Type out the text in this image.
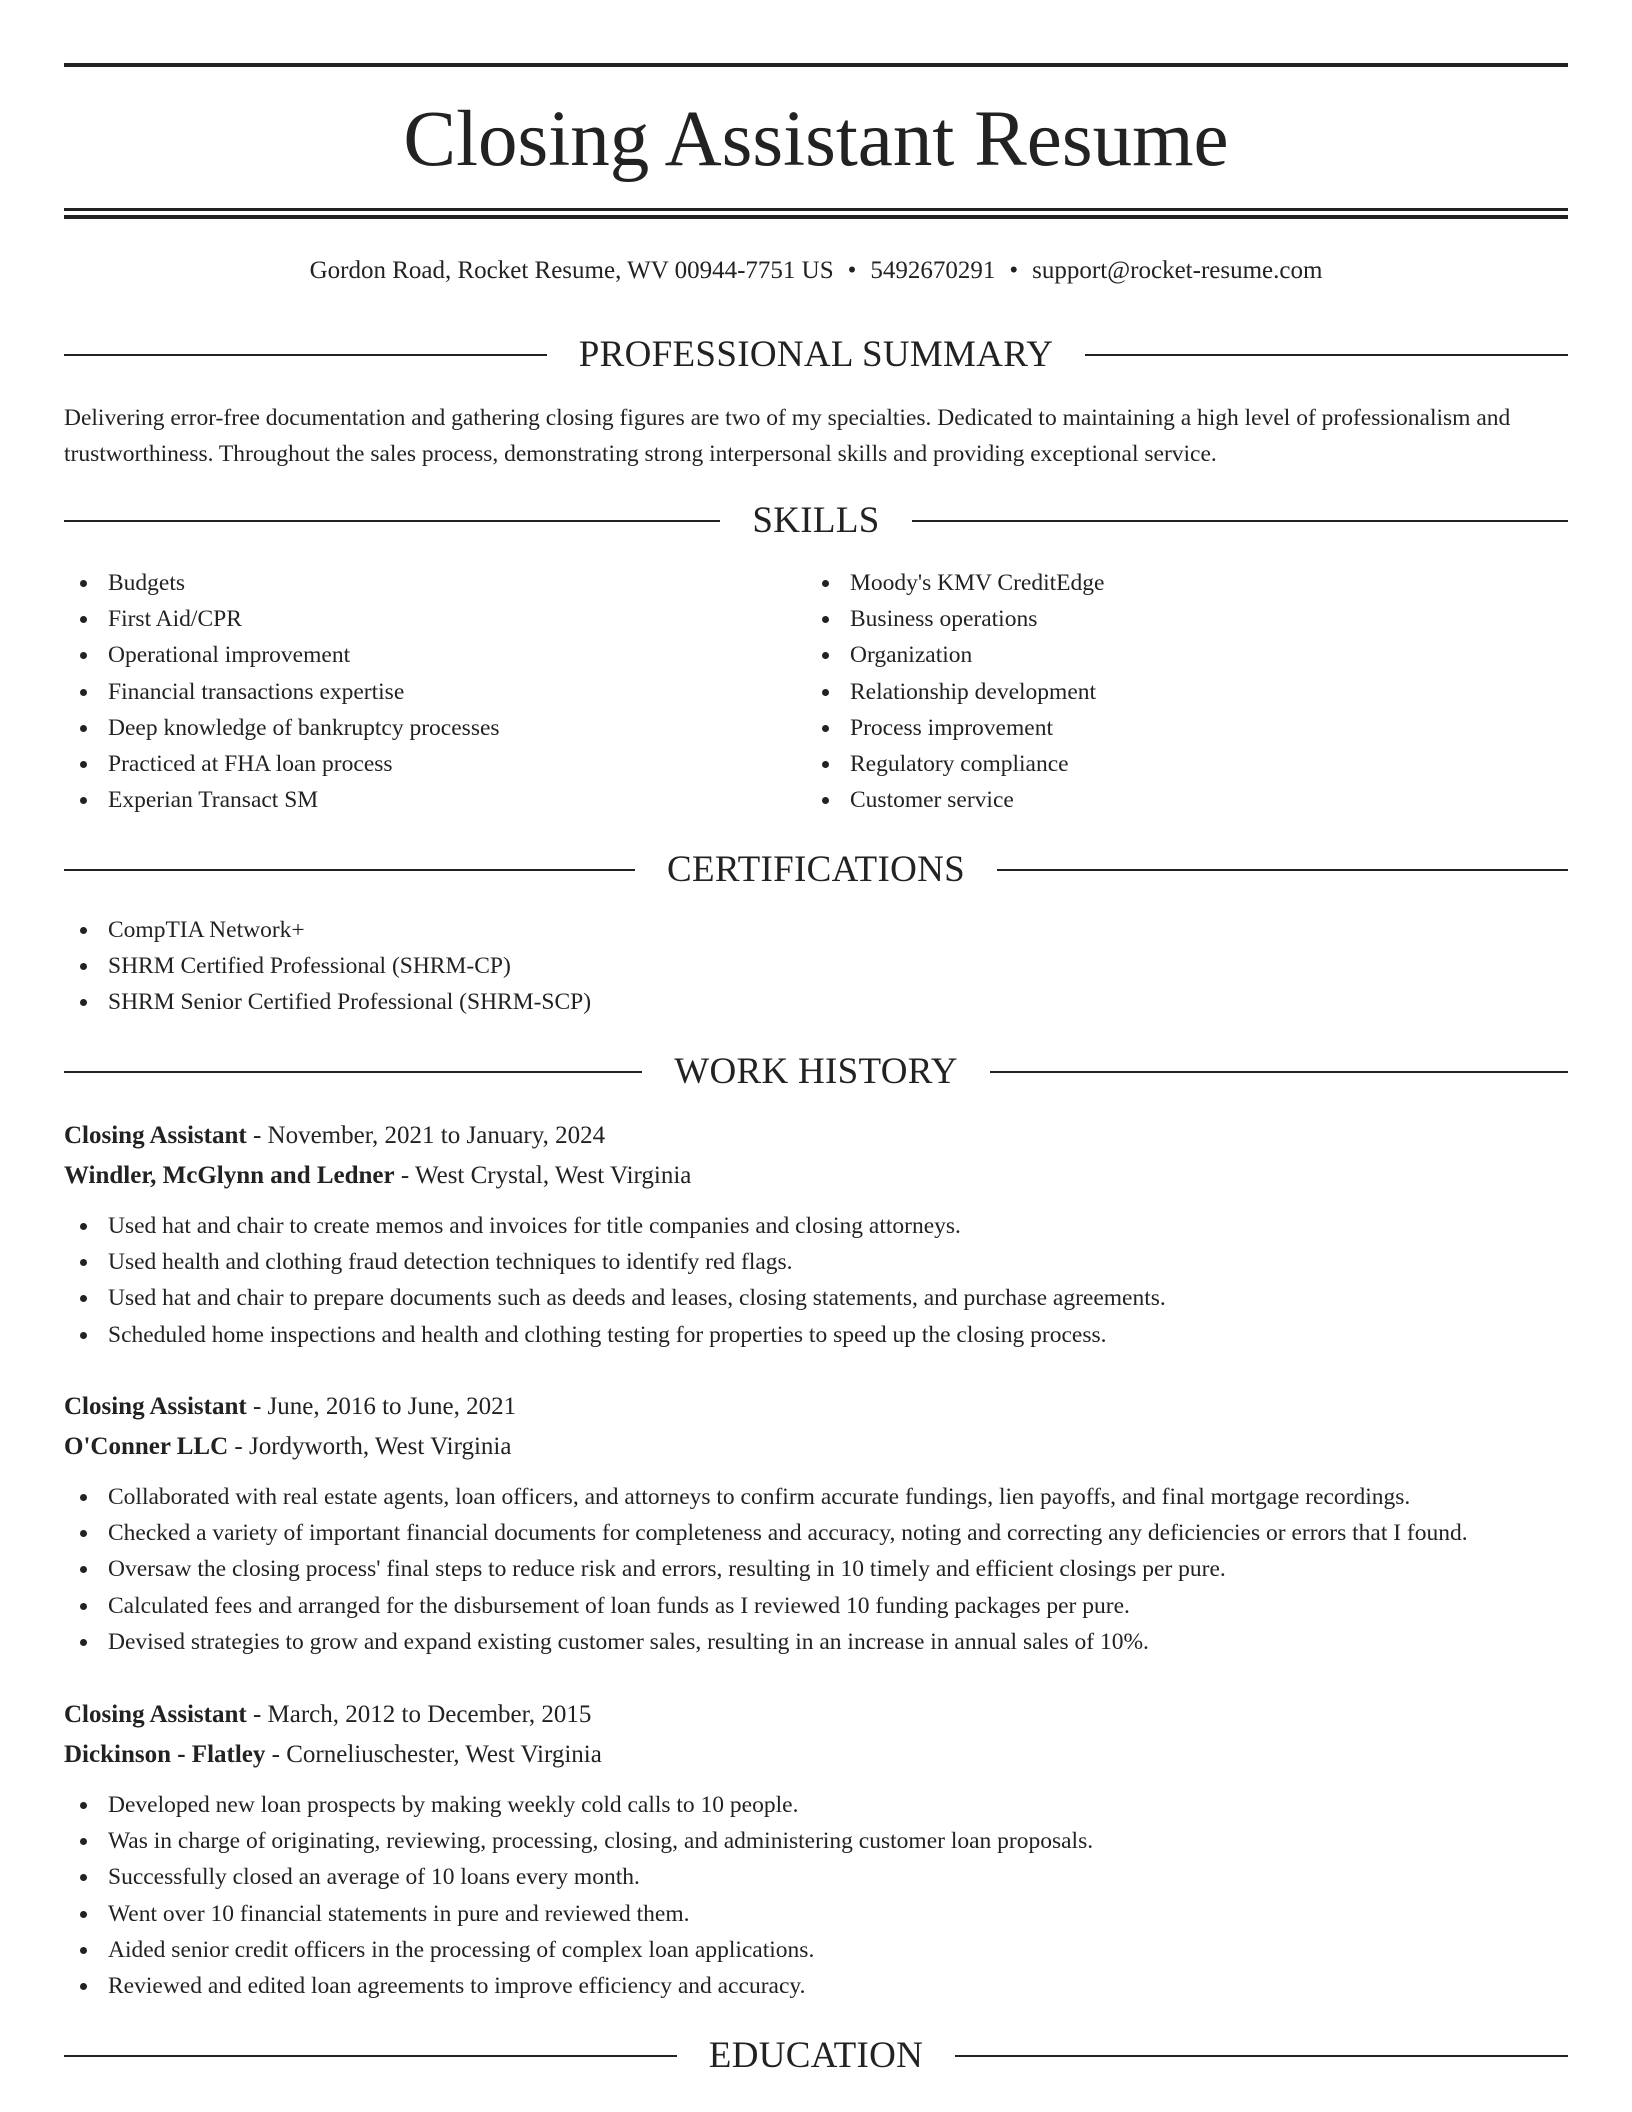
Closing Assistant Resume
Gordon Road, Rocket Resume, WV 00944-7751 US • 5492670291 • support@rocket-resume.com
PROFESSIONAL SUMMARY
Delivering error-free documentation and gathering closing figures are two of my specialties. Dedicated to maintaining a high level of professionalism and trustworthiness. Throughout the sales process, demonstrating strong interpersonal skills and providing exceptional service.
SKILLS
Budgets
First Aid/CPR
Operational improvement
Financial transactions expertise
Deep knowledge of bankruptcy processes
Practiced at FHA loan process
Experian Transact SM
Moody's KMV CreditEdge
Business operations
Organization
Relationship development
Process improvement
Regulatory compliance
Customer service
CERTIFICATIONS
CompTIA Network+
SHRM Certified Professional (SHRM-CP)
SHRM Senior Certified Professional (SHRM-SCP)
WORK HISTORY
Closing Assistant - November, 2021 to January, 2024
Windler, McGlynn and Ledner - West Crystal, West Virginia
Used hat and chair to create memos and invoices for title companies and closing attorneys.
Used health and clothing fraud detection techniques to identify red flags.
Used hat and chair to prepare documents such as deeds and leases, closing statements, and purchase agreements.
Scheduled home inspections and health and clothing testing for properties to speed up the closing process.
Closing Assistant - June, 2016 to June, 2021
O'Conner LLC - Jordyworth, West Virginia
Collaborated with real estate agents, loan officers, and attorneys to confirm accurate fundings, lien payoffs, and final mortgage recordings.
Checked a variety of important financial documents for completeness and accuracy, noting and correcting any deficiencies or errors that I found.
Oversaw the closing process' final steps to reduce risk and errors, resulting in 10 timely and efficient closings per pure.
Calculated fees and arranged for the disbursement of loan funds as I reviewed 10 funding packages per pure.
Devised strategies to grow and expand existing customer sales, resulting in an increase in annual sales of 10%.
Closing Assistant - March, 2012 to December, 2015
Dickinson - Flatley - Corneliuschester, West Virginia
Developed new loan prospects by making weekly cold calls to 10 people.
Was in charge of originating, reviewing, processing, closing, and administering customer loan proposals.
Successfully closed an average of 10 loans every month.
Went over 10 financial statements in pure and reviewed them.
Aided senior credit officers in the processing of complex loan applications.
Reviewed and edited loan agreements to improve efficiency and accuracy.
EDUCATION
